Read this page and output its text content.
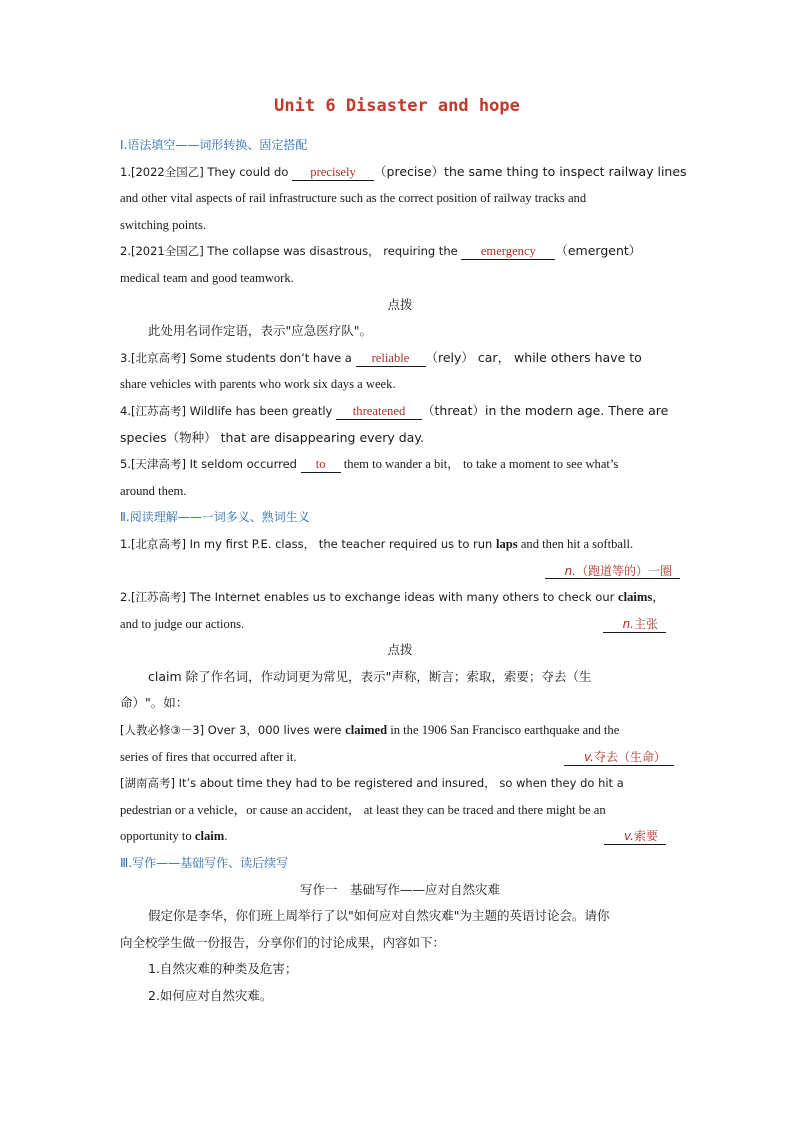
Unit 6 Disaster and hope
Ⅰ.语法填空——词形转换、固定搭配
1.[2022全国乙] They could do precisely （precise）the same thing to inspect railway lines
and other vital aspects of rail infrastructure such as the correct position of railway tracks and
switching points.
2.[2021全国乙] The collapse was disastrous， requiring the emergency （emergent）
medical team and good teamwork.
点拨
此处用名词作定语，表示"应急医疗队"。
3.[北京高考] Some students don’t have a reliable （rely） car， while others have to
share vehicles with parents who work six days a week.
4.[江苏高考] Wildlife has been greatly threatened （threat）in the modern age. There are
species（物种） that are disappearing every day.
5.[天津高考] It seldom occurred to them to wander a bit， to take a moment to see what’s
around them.
Ⅱ.阅读理解——一词多义、熟词生义
1.[北京高考] In my first P.E. class， the teacher required us to run laps and then hit a softball.
n.（跑道等的）一圈
2.[江苏高考] The Internet enables us to exchange ideas with many others to check our claims，
and to judge our actions.	n.主张
点拨
claim 除了作名词，作动词更为常见，表示"声称，断言；索取，索要；夺去（生
命）"。如：
[人教必修③－3] Over 3，000 lives were claimed in the 1906 San Francisco earthquake and the
series of fires that occurred after it.	v.夺去（生命）
[湖南高考] It’s about time they had to be registered and insured， so when they do hit a
pedestrian or a vehicle，or cause an accident， at least they can be traced and there might be an
opportunity to claim.	v.索要
Ⅲ.写作——基础写作、读后续写
写作一　基础写作——应对自然灾难
假定你是李华，你们班上周举行了以"如何应对自然灾难"为主题的英语讨论会。请你
向全校学生做一份报告，分享你们的讨论成果，内容如下：
1.自然灾难的种类及危害；
2.如何应对自然灾难。
